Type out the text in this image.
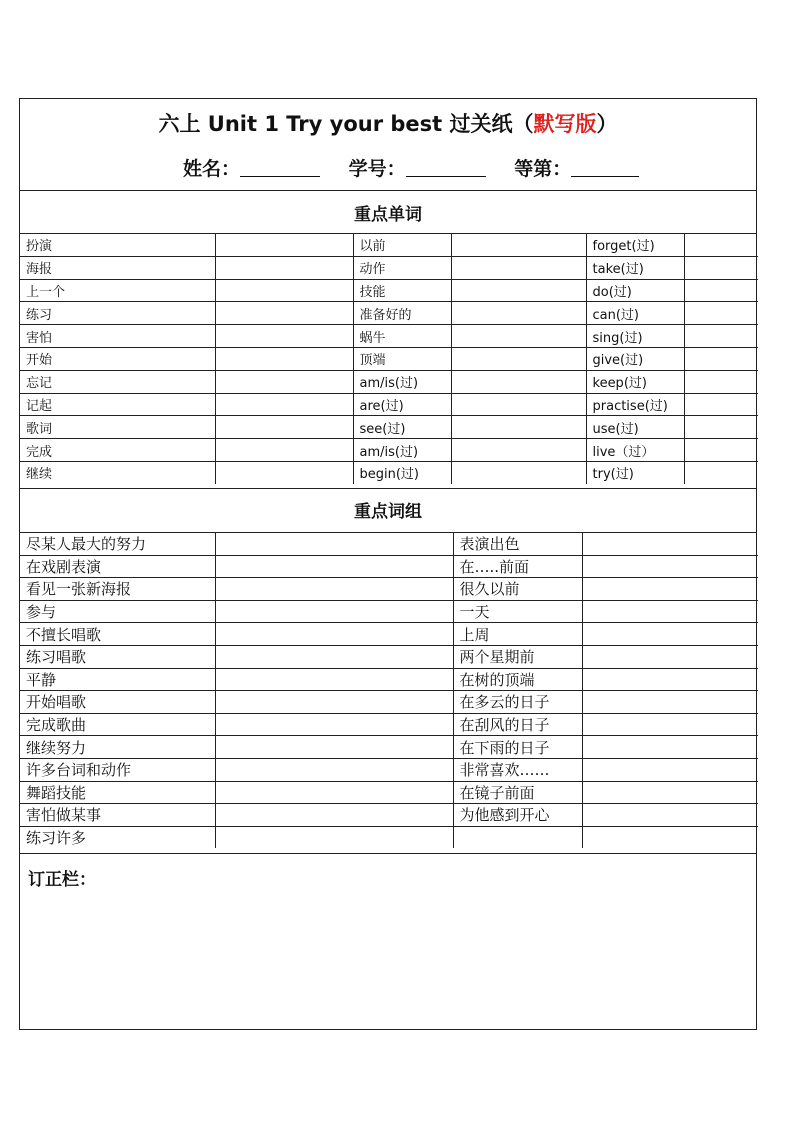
六上 Unit 1 Try your best 过关纸（默写版）
姓名：	学号：	等第：
重点单词
扮演		以前		forget(过)	
海报		动作		take(过)	
上一个		技能		do(过)	
练习		准备好的		can(过)	
害怕		蜗牛		sing(过)	
开始		顶端		give(过)	
忘记		am/is(过)		keep(过)	
记起		are(过)		practise(过)	
歌词		see(过)		use(过)	
完成		am/is(过)		live（过）	
继续		begin(过)		try(过)	
重点词组
尽某人最大的努力		表演出色	
在戏剧表演		在…..前面	
看见一张新海报		很久以前	
参与		一天	
不擅长唱歌		上周	
练习唱歌		两个星期前	
平静		在树的顶端	
开始唱歌		在多云的日子	
完成歌曲		在刮风的日子	
继续努力		在下雨的日子	
许多台词和动作		非常喜欢……	
舞蹈技能		在镜子前面	
害怕做某事		为他感到开心	
练习许多			
订正栏：
